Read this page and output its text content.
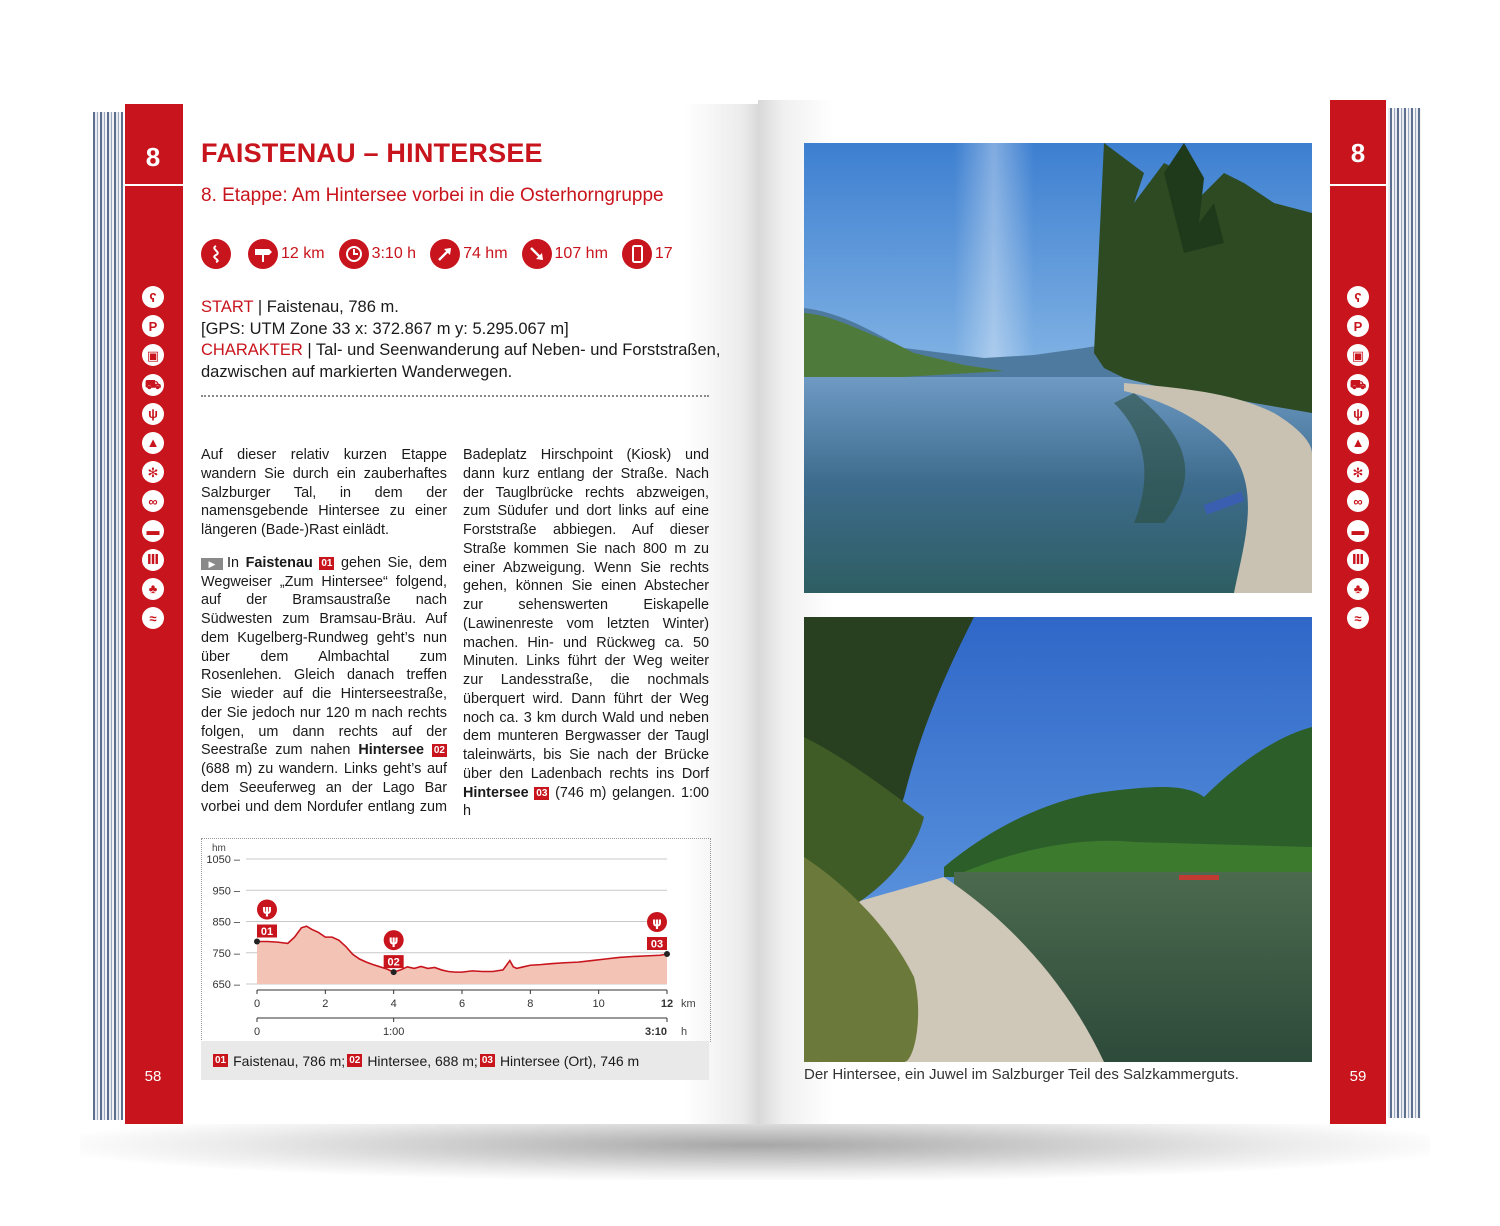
8
58
ʕ
P
▣
⛟
ψ
▲
✻
∞
▬
Ⅲ
♣
≈
8
59
ʕ
P
▣
⛟
ψ
▲
✻
∞
▬
Ⅲ
♣
≈
FAISTENAU – HINTERSEE
8. Etappe: Am Hintersee vorbei in die Osterhorngruppe
12 km	3:10 h	74 hm	107 hm	17
START | Faistenau, 786 m.
[GPS: UTM Zone 33 x: 372.867 m y: 5.295.067 m]
CHARAKTER | Tal- und Seenwanderung auf Neben- und Forststraßen, dazwischen auf markierten Wanderwegen.

Auf dieser relativ kurzen Etappe wandern Sie durch ein zauberhaftes Salzburger Tal, in dem der namensgebende Hintersee zu einer längeren (Bade-)Rast einlädt.

▶ In Faistenau 01 gehen Sie, dem Wegweiser „Zum Hintersee“ folgend, auf der Bramsaustraße nach Südwesten zum Bramsau-Bräu. Auf dem Kugelberg-Rundweg geht’s nun über dem Almbachtal zum Rosenlehen. Gleich danach treffen Sie wieder auf die Hinterseestraße, der Sie jedoch nur 120 m nach rechts folgen, um dann rechts auf der Seestraße zum nahen Hintersee 02 (688 m) zu wandern. Links geht’s auf dem Seeuferweg an der Lago Bar vorbei und dem Nordufer entlang zum Badeplatz Hirschpoint (Kiosk) und dann kurz entlang der Straße. Nach der Tauglbrücke rechts abzweigen, zum Südufer und dort links auf eine Forststraße abbiegen. Auf dieser Straße kommen Sie nach 800 m zu einer Abzweigung. Wenn Sie rechts gehen, können Sie einen Abstecher zur sehenswerten Eiskapelle (Lawinenreste vom letzten Winter) machen. Hin- und Rückweg ca. 50 Minuten. Links führt der Weg weiter zur Landesstraße, die nochmals überquert wird. Dann führt der Weg noch ca. 3 km durch Wald und neben dem munteren Bergwasser der Taugl taleinwärts, bis Sie nach der Brücke über den Ladenbach rechts ins Dorf Hintersee 03 (746 m) gelangen. 1:00 h

hm
1050 –
950 –
850 –
750 –
650 –
0	2	4	6	8	10	12 km
0	1:00	3:10 h
01
ψ
02
ψ	03
ψ
01 Faistenau, 786 m; 02 Hintersee, 688 m; 03 Hintersee (Ort), 746 m
Der Hintersee, ein Juwel im Salzburger Teil des Salzkammerguts.
